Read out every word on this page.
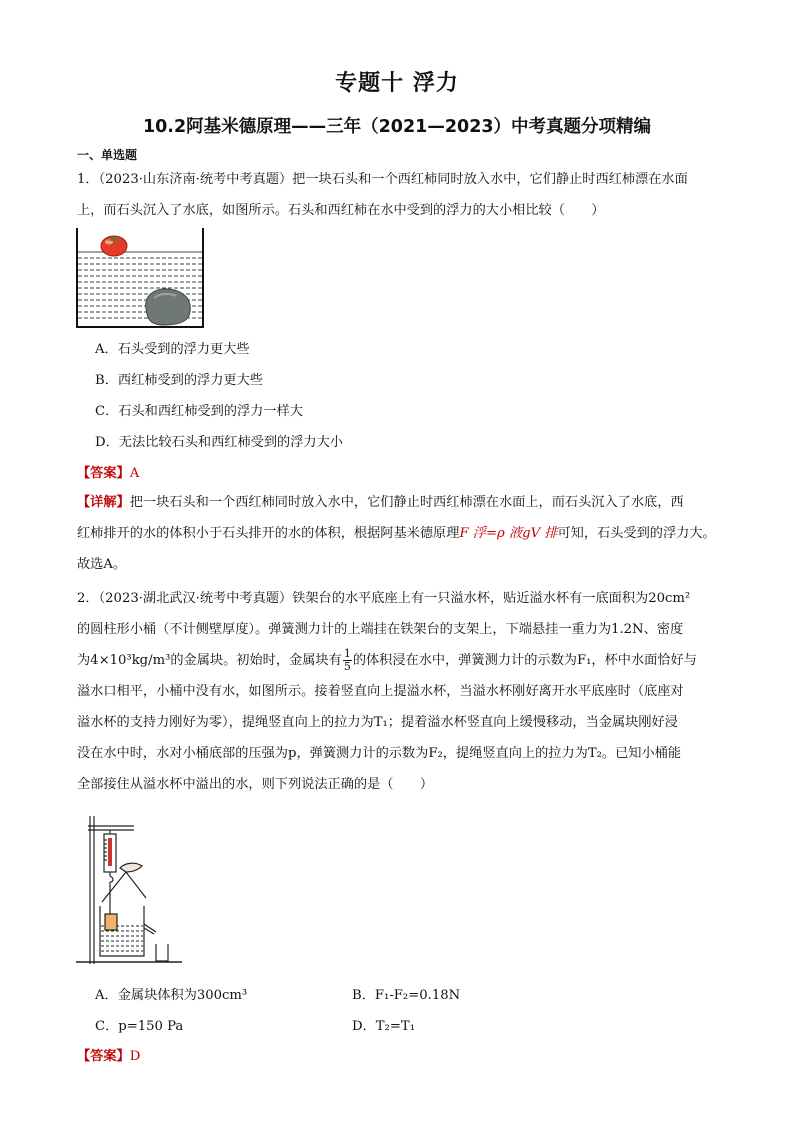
专题十 浮力
10.2阿基米德原理——三年（2021—2023）中考真题分项精编
一、单选题
1．（2023·山东济南·统考中考真题）把一块石头和一个西红柿同时放入水中，它们静止时西红柿漂在水面
上，而石头沉入了水底，如图所示。石头和西红柿在水中受到的浮力的大小相比较（　　）
A．石头受到的浮力更大些
B．西红柿受到的浮力更大些
C．石头和西红柿受到的浮力一样大
D．无法比较石头和西红柿受到的浮力大小
【答案】A
【详解】把一块石头和一个西红柿同时放入水中，它们静止时西红柿漂在水面上，而石头沉入了水底，西
红柿排开的水的体积小于石头排开的水的体积，根据阿基米德原理F 浮=ρ 液gV 排可知，石头受到的浮力大。
故选A。
2．（2023·湖北武汉·统考中考真题）铁架台的水平底座上有一只溢水杯，贴近溢水杯有一底面积为20cm²
的圆柱形小桶（不计侧壁厚度）。弹簧测力计的上端挂在铁架台的支架上，下端悬挂一重力为1.2N、密度
为4×10³kg/m³的金属块。初始时，金属块有 $\frac{1}{5}$ 的体积浸在水中，弹簧测力计的示数为F₁，杯中水面恰好与
溢水口相平，小桶中没有水，如图所示。接着竖直向上提溢水杯，当溢水杯刚好离开水平底座时（底座对
溢水杯的支持力刚好为零），提绳竖直向上的拉力为T₁；提着溢水杯竖直向上缓慢移动，当金属块刚好浸
没在水中时，水对小桶底部的压强为p，弹簧测力计的示数为F₂，提绳竖直向上的拉力为T₂。已知小桶能
全部接住从溢水杯中溢出的水，则下列说法正确的是（　　）
A．金属块体积为300cm³	B．F₁-F₂=0.18N
C．p=150 Pa	D．T₂=T₁
【答案】D
